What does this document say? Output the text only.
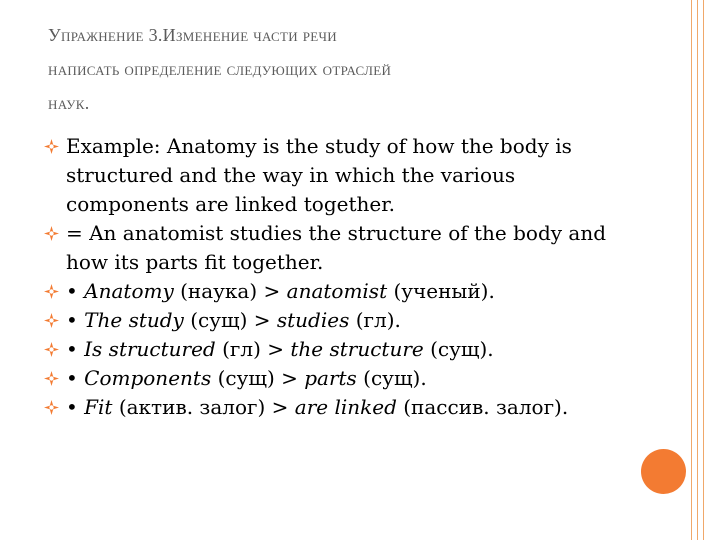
Упражнение 3.Изменение части речи
написать определение следующих отраслей
наук.
Example: Anatomy is the study of how the body is structured and the way in which the various components are linked together.
= An anatomist studies the structure of the body and how its parts fit together.
• Anatomy (наука) > anatomist (ученый).
• The study (сущ) > studies (гл).
• Is structured (гл) > the structure (сущ).
• Components (сущ) > parts (сущ).
• Fit (актив. залог) > are linked (пассив. залог).
